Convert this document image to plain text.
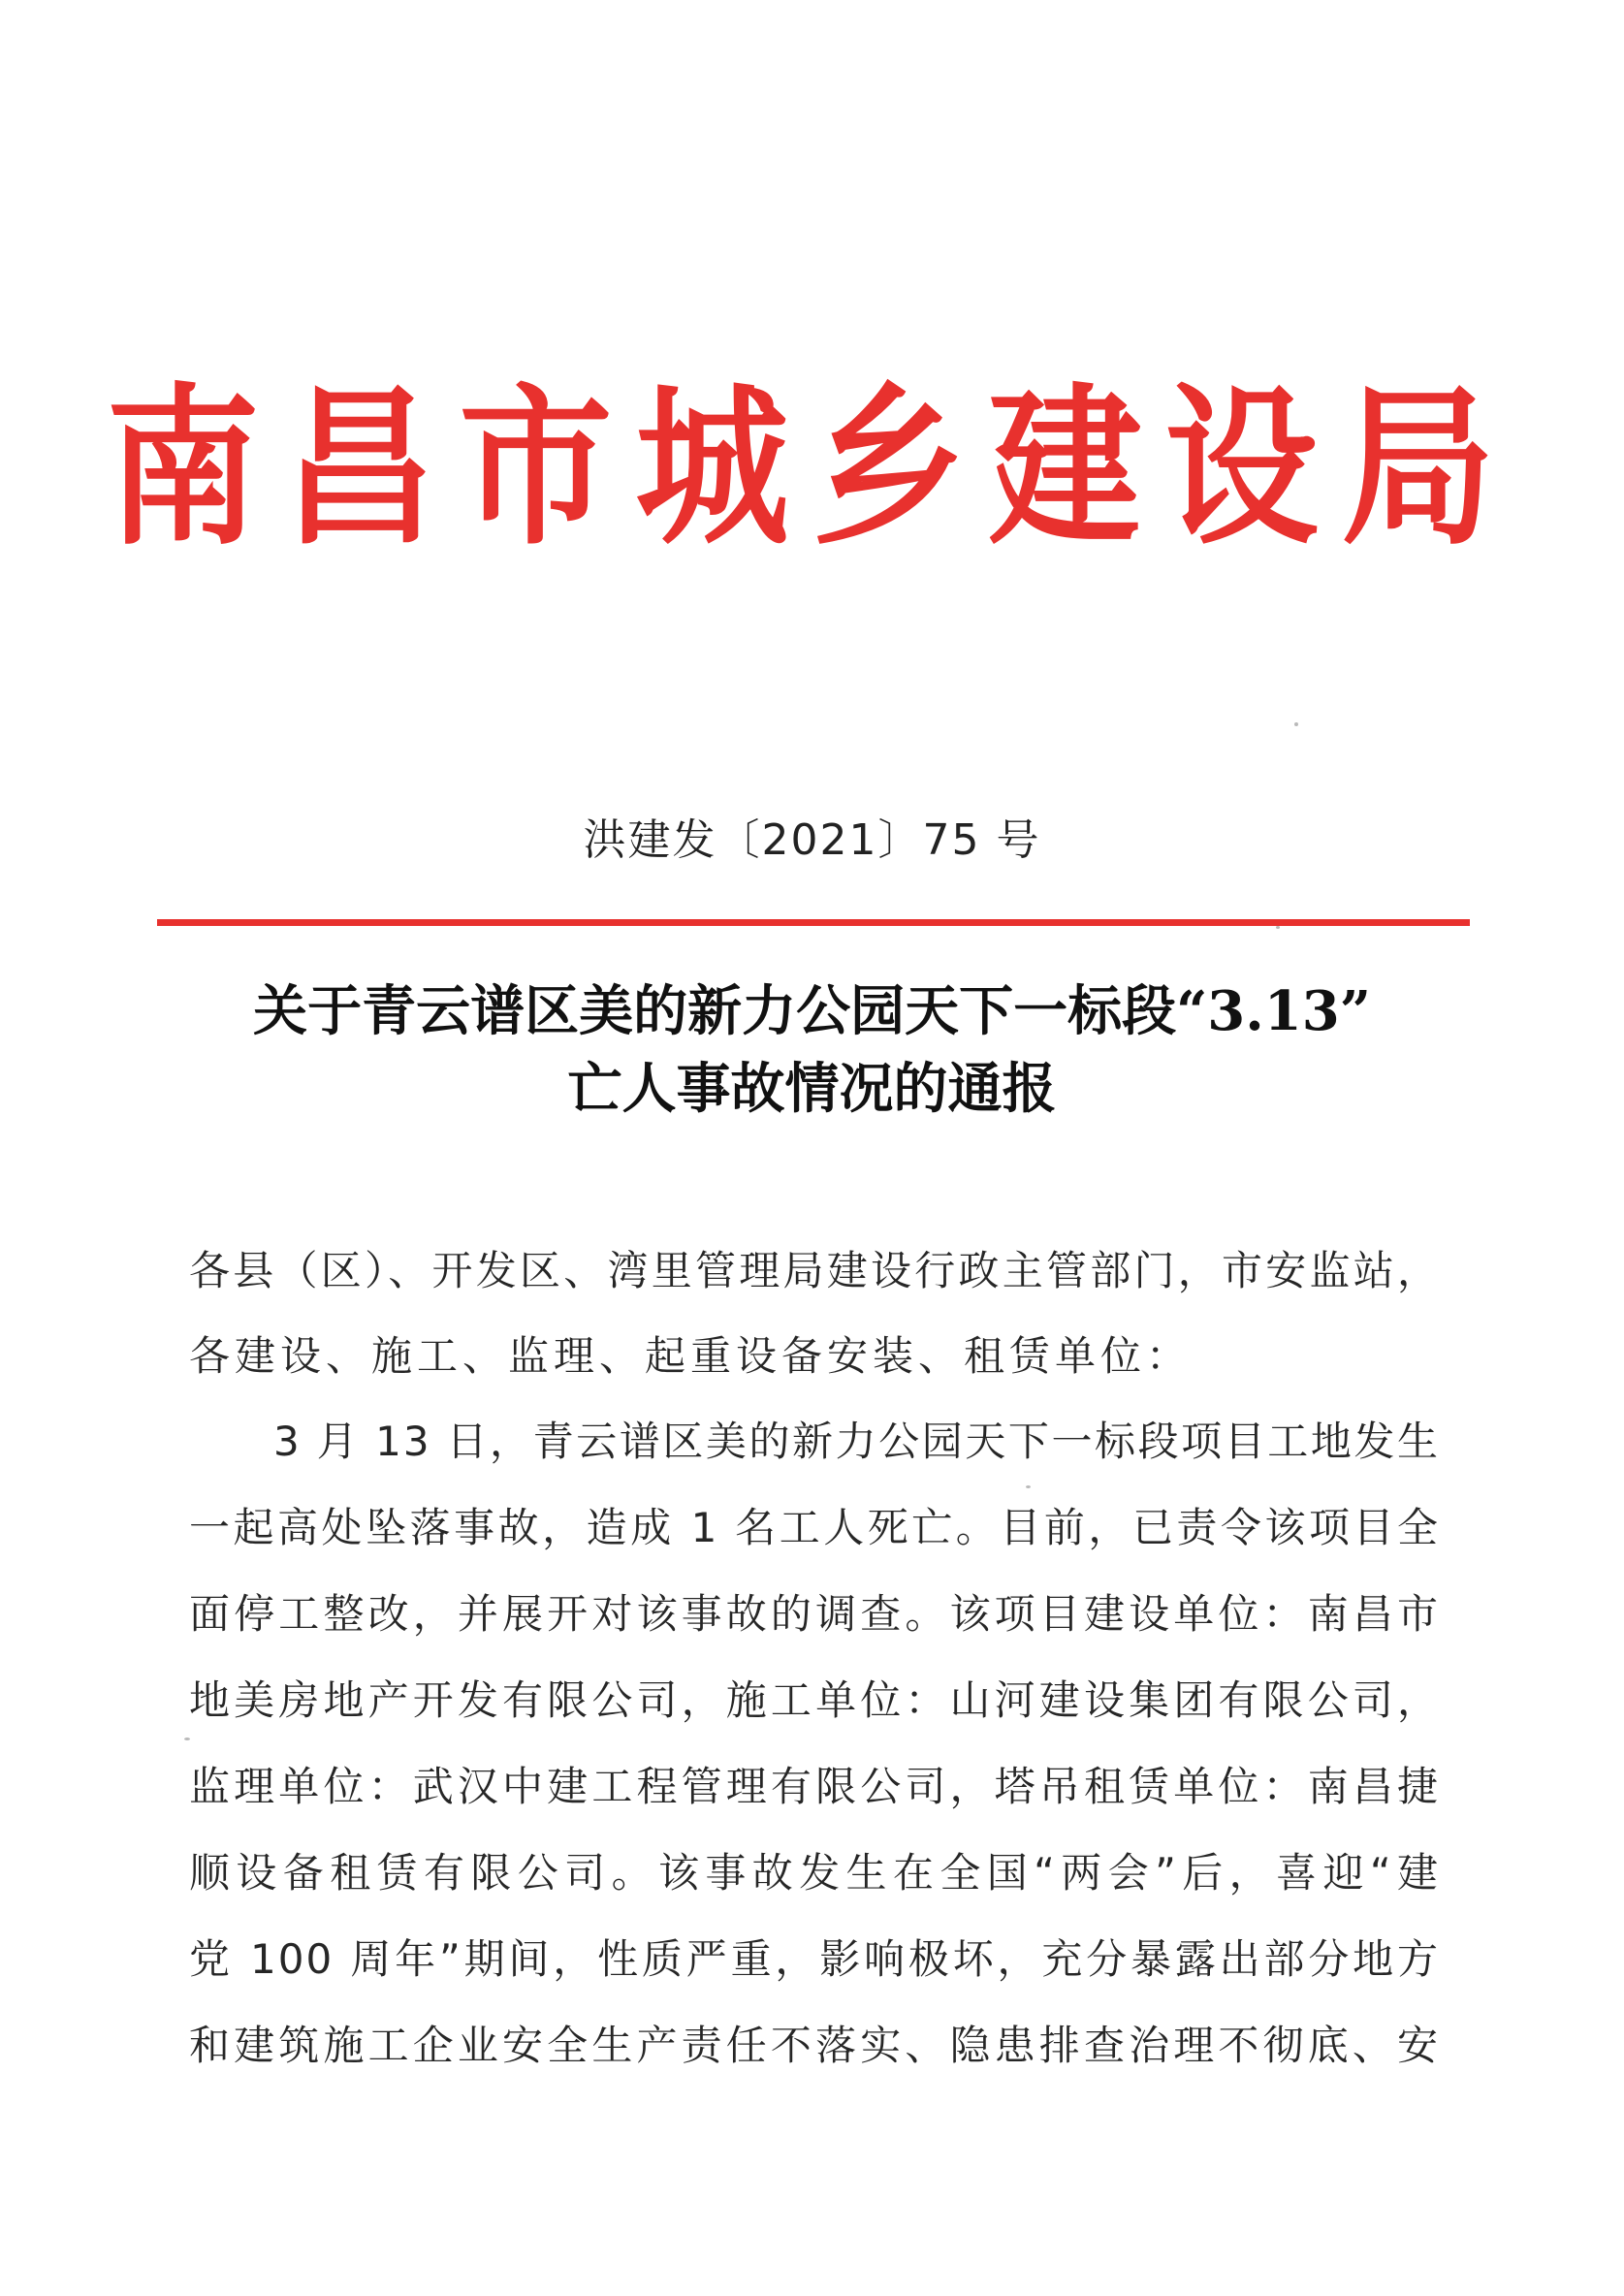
南昌市城乡建设局
洪建发〔2021〕75 号
关于青云谱区美的新力公园天下一标段“3.13”
亡人事故情况的通报
各县（区）、开发区、湾里管理局建设行政主管部门，市安监站，
各建设、施工、监理、起重设备安装、租赁单位：
3 月 13 日，青云谱区美的新力公园天下一标段项目工地发生
一起高处坠落事故，造成 1 名工人死亡。目前，已责令该项目全
面停工整改，并展开对该事故的调查。该项目建设单位：南昌市
地美房地产开发有限公司，施工单位：山河建设集团有限公司，
监理单位：武汉中建工程管理有限公司，塔吊租赁单位：南昌捷
顺设备租赁有限公司。该事故发生在全国“两会”后，喜迎“建
党 100 周年”期间，性质严重，影响极坏，充分暴露出部分地方
和建筑施工企业安全生产责任不落实、隐患排查治理不彻底、安
